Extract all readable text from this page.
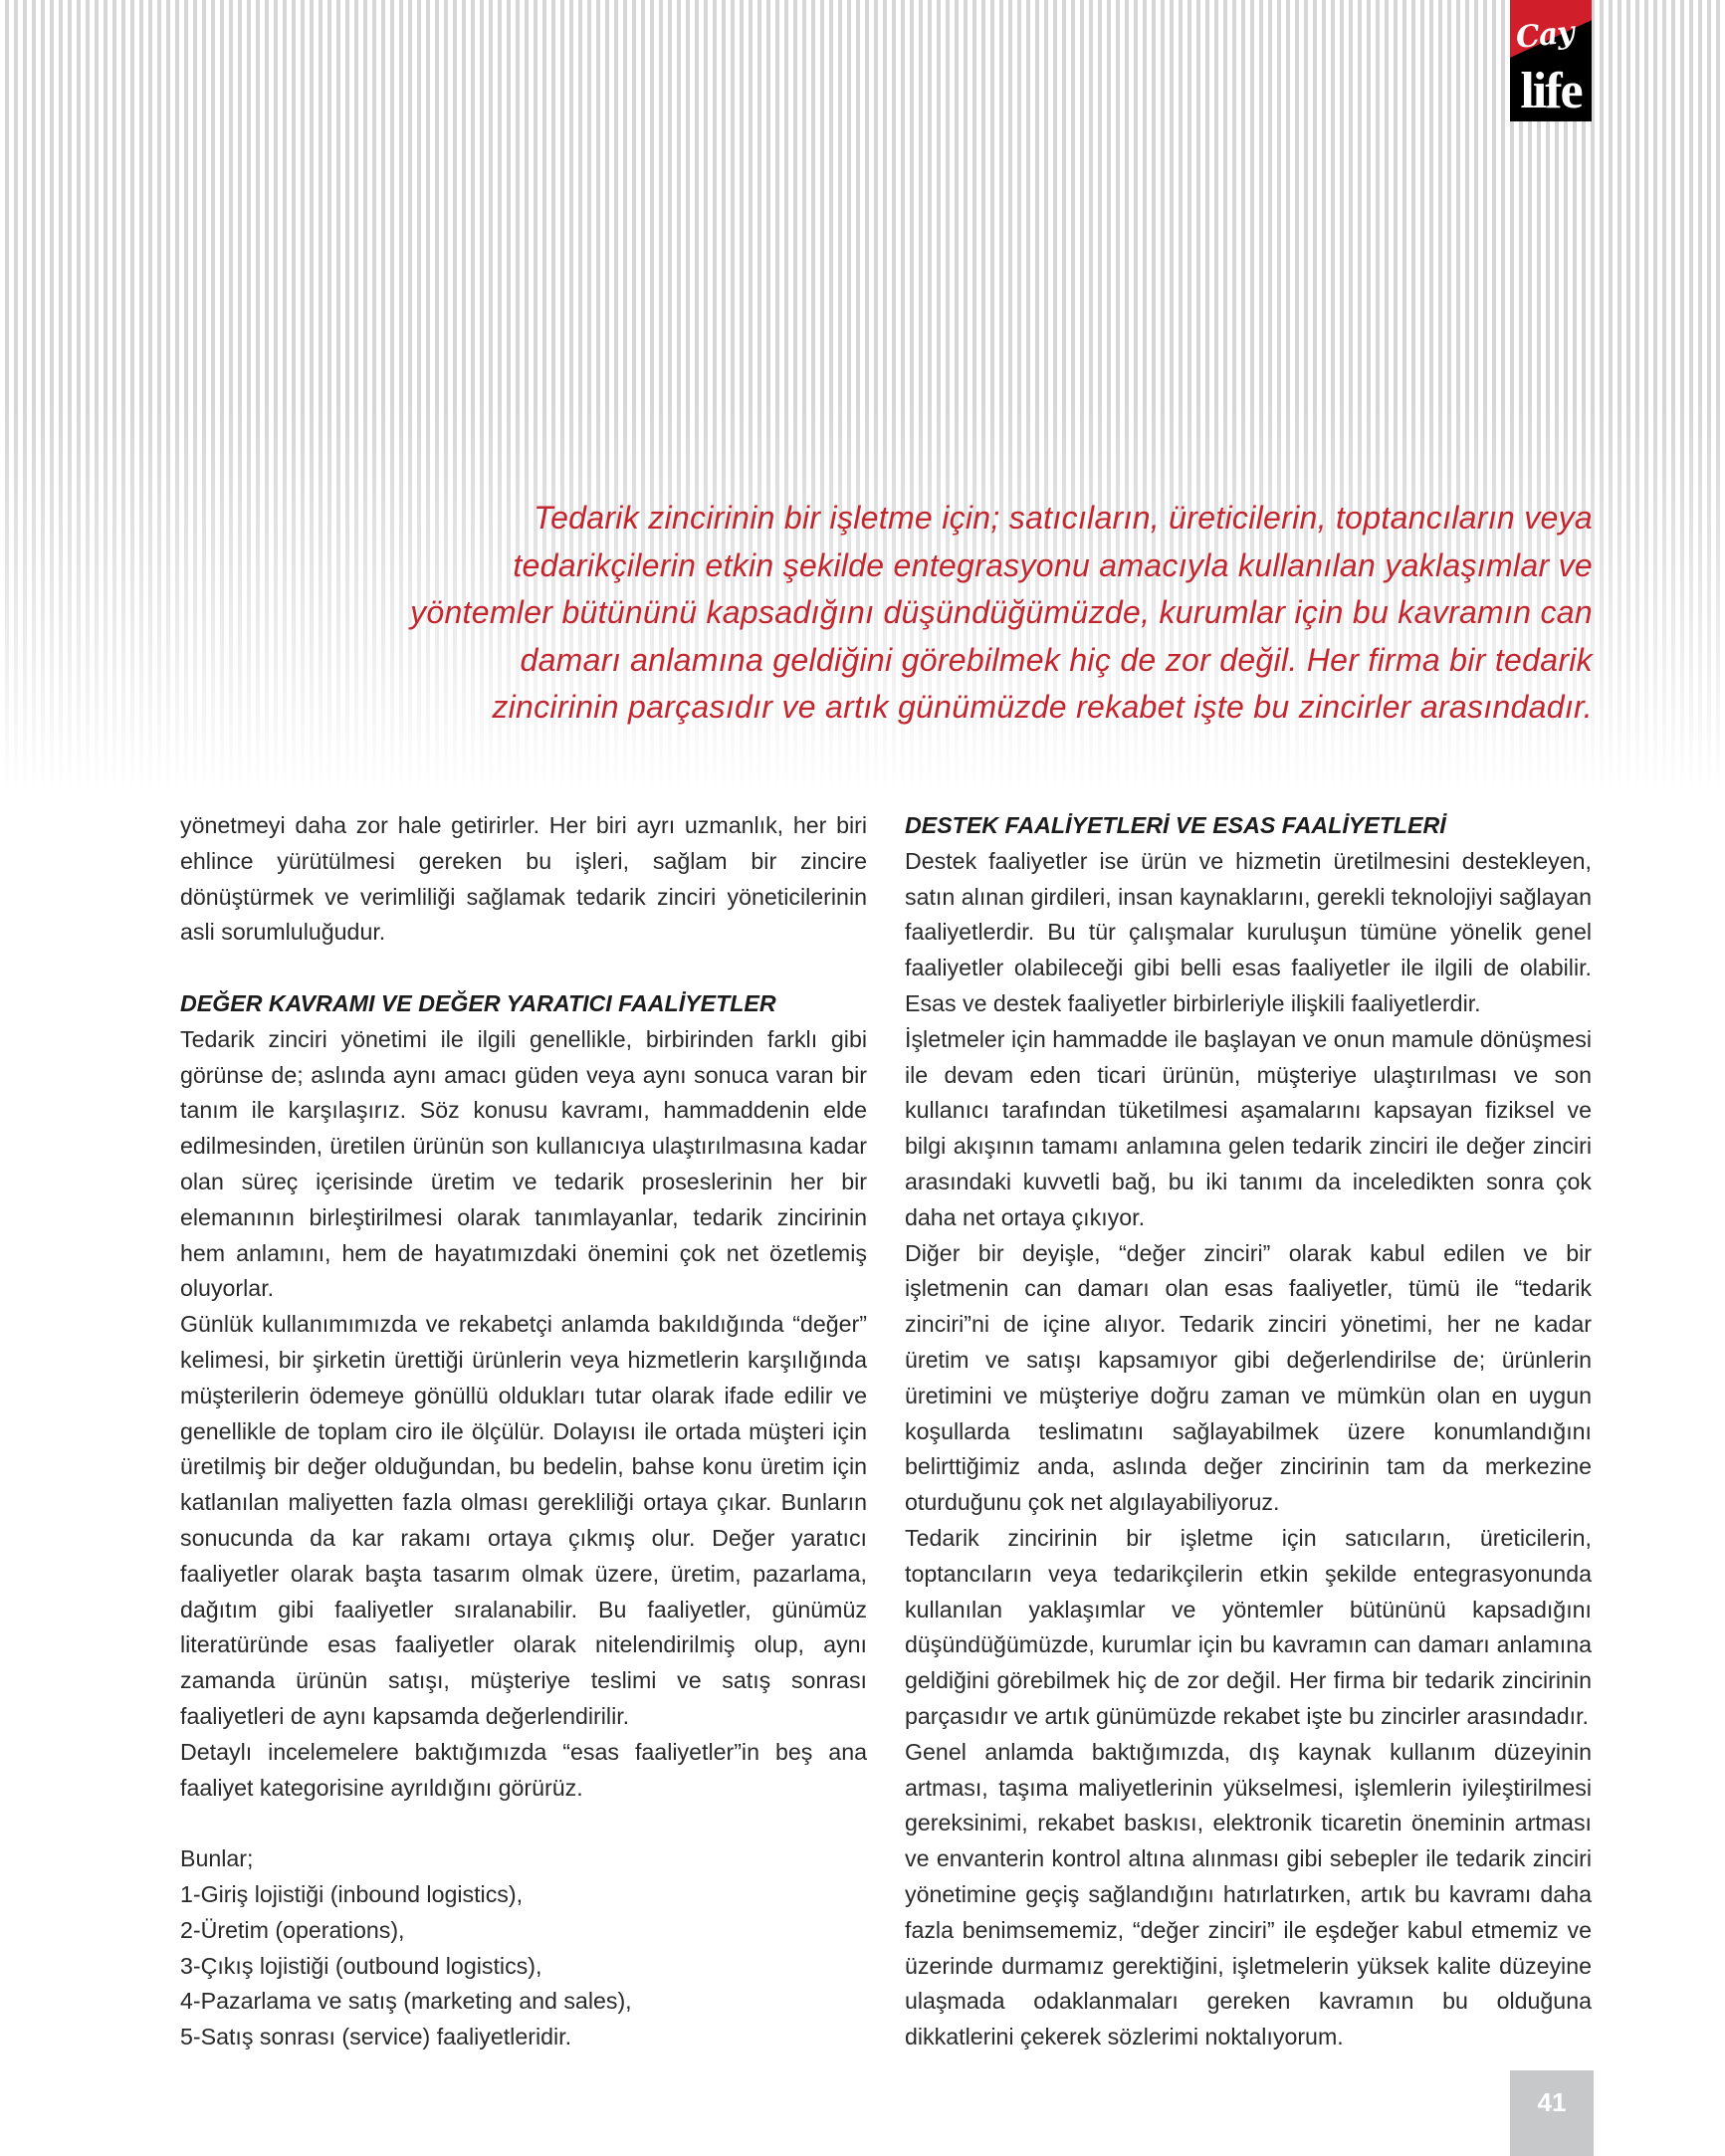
Cay
life

Tedarik zincirinin bir işletme için; satıcıların, üreticilerin, toptancıların veya tedarikçilerin etkin şekilde entegrasyonu amacıyla kullanılan yaklaşımlar ve yöntemler bütününü kapsadığını düşündüğümüzde, kurumlar için bu kavramın can damarı anlamına geldiğini görebilmek hiç de zor değil. Her firma bir tedarik zincirinin parçasıdır ve artık günümüzde rekabet işte bu zincirler arasındadır.

yönetmeyi daha zor hale getirirler. Her biri ayrı uzmanlık, her biri ehlince yürütülmesi gereken bu işleri, sağlam bir zincire dönüştürmek ve verimliliği sağlamak tedarik zinciri yöneticilerinin asli sorumluluğudur.

DEĞER KAVRAMI VE DEĞER YARATICI FAALİYETLER

Tedarik zinciri yönetimi ile ilgili genellikle, birbirinden farklı gibi görünse de; aslında aynı amacı güden veya aynı sonuca varan bir tanım ile karşılaşırız. Söz konusu kavramı, hammaddenin elde edilmesinden, üretilen ürünün son kullanıcıya ulaştırılmasına kadar olan süreç içerisinde üretim ve tedarik proseslerinin her bir elemanının birleştirilmesi olarak tanımlayanlar, tedarik zincirinin hem anlamını, hem de hayatımızdaki önemini çok net özetlemiş oluyorlar.

Günlük kullanımımızda ve rekabetçi anlamda bakıldığında “değer” kelimesi, bir şirketin ürettiği ürünlerin veya hizmetlerin karşılığında müşterilerin ödemeye gönüllü oldukları tutar olarak ifade edilir ve genellikle de toplam ciro ile ölçülür. Dolayısı ile ortada müşteri için üretilmiş bir değer olduğundan, bu bedelin, bahse konu üretim için katlanılan maliyetten fazla olması gerekliliği ortaya çıkar. Bunların sonucunda da kar rakamı ortaya çıkmış olur. Değer yaratıcı faaliyetler olarak başta tasarım olmak üzere, üretim, pazarlama, dağıtım gibi faaliyetler sıralanabilir. Bu faaliyetler, günümüz literatüründe esas faaliyetler olarak nitelendirilmiş olup, aynı zamanda ürünün satışı, müşteriye teslimi ve satış sonrası faaliyetleri de aynı kapsamda değerlendirilir.

Detaylı incelemelere baktığımızda “esas faaliyetler”in beş ana faaliyet kategorisine ayrıldığını görürüz.

Bunlar;

1-Giriş lojistiği (inbound logistics),
2-Üretim (operations),
3-Çıkış lojistiği (outbound logistics),
4-Pazarlama ve satış (marketing and sales),
5-Satış sonrası (service) faaliyetleridir.
DESTEK FAALİYETLERİ VE ESAS FAALİYETLERİ

Destek faaliyetler ise ürün ve hizmetin üretilmesini destekleyen, satın alınan girdileri, insan kaynaklarını, gerekli teknolojiyi sağlayan faaliyetlerdir. Bu tür çalışmalar kuruluşun tümüne yönelik genel faaliyetler olabileceği gibi belli esas faaliyetler ile ilgili de olabilir. Esas ve destek faaliyetler birbirleriyle ilişkili faaliyetlerdir.

İşletmeler için hammadde ile başlayan ve onun mamule dönüşmesi ile devam eden ticari ürünün, müşteriye ulaştırılması ve son kullanıcı tarafından tüketilmesi aşamalarını kapsayan fiziksel ve bilgi akışının tamamı anlamına gelen tedarik zinciri ile değer zinciri arasındaki kuvvetli bağ, bu iki tanımı da inceledikten sonra çok daha net ortaya çıkıyor.

Diğer bir deyişle, “değer zinciri” olarak kabul edilen ve bir işletmenin can damarı olan esas faaliyetler, tümü ile “tedarik zinciri”ni de içine alıyor. Tedarik zinciri yönetimi, her ne kadar üretim ve satışı kapsamıyor gibi değerlendirilse de; ürünlerin üretimini ve müşteriye doğru zaman ve mümkün olan en uygun koşullarda teslimatını sağlayabilmek üzere konumlandığını belirttiğimiz anda, aslında değer zincirinin tam da merkezine oturduğunu çok net algılayabiliyoruz.

Tedarik zincirinin bir işletme için satıcıların, üreticilerin, toptancıların veya tedarikçilerin etkin şekilde entegrasyonunda kullanılan yaklaşımlar ve yöntemler bütününü kapsadığını düşündüğümüzde, kurumlar için bu kavramın can damarı anlamına geldiğini görebilmek hiç de zor değil. Her firma bir tedarik zincirinin parçasıdır ve artık günümüzde rekabet işte bu zincirler arasındadır.

Genel anlamda baktığımızda, dış kaynak kullanım düzeyinin artması, taşıma maliyetlerinin yükselmesi, işlemlerin iyileştirilmesi gereksinimi, rekabet baskısı, elektronik ticaretin öneminin artması ve envanterin kontrol altına alınması gibi sebepler ile tedarik zinciri yönetimine geçiş sağlandığını hatırlatırken, artık bu kavramı daha fazla benimsememiz, “değer zinciri” ile eşdeğer kabul etmemiz ve üzerinde durmamız gerektiğini, işletmelerin yüksek kalite düzeyine ulaşmada odaklanmaları gereken kavramın bu olduğuna dikkatlerini çekerek sözlerimi noktalıyorum.

41
